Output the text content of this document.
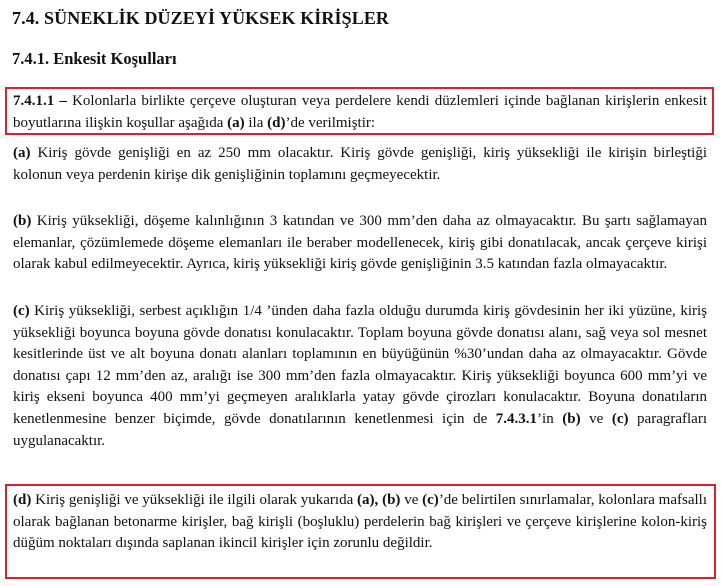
7.4. SÜNEKLİK DÜZEYİ YÜKSEK KİRİŞLER
7.4.1. Enkesit Koşulları

7.4.1.1 – Kolonlarla birlikte çerçeve oluşturan veya perdelere kendi düzlemleri içinde bağlanan kirişlerin enkesit boyutlarına ilişkin koşullar aşağıda (a) ila (d)’de verilmiştir:

(a) Kiriş gövde genişliği en az 250 mm olacaktır. Kiriş gövde genişliği, kiriş yüksekliği ile kirişin birleştiği kolonun veya perdenin kirişe dik genişliğinin toplamını geçmeyecektir.

(b) Kiriş yüksekliği, döşeme kalınlığının 3 katından ve 300 mm’den daha az olmayacaktır. Bu şartı sağlamayan elemanlar, çözümlemede döşeme elemanları ile beraber modellenecek, kiriş gibi donatılacak, ancak çerçeve kirişi olarak kabul edilmeyecektir. Ayrıca, kiriş yüksekliği kiriş gövde genişliğinin 3.5 katından fazla olmayacaktır.

(c) Kiriş yüksekliği, serbest açıklığın 1/4 ’ünden daha fazla olduğu durumda kiriş gövdesinin her iki yüzüne, kiriş yüksekliği boyunca boyuna gövde donatısı konulacaktır. Toplam boyuna gövde donatısı alanı, sağ veya sol mesnet kesitlerinde üst ve alt boyuna donatı alanları toplamının en büyüğünün %30’undan daha az olmayacaktır. Gövde donatısı çapı 12 mm’den az, aralığı ise 300 mm’den fazla olmayacaktır. Kiriş yüksekliği boyunca 600 mm’yi ve kiriş ekseni boyunca 400 mm’yi geçmeyen aralıklarla yatay gövde çirozları konulacaktır. Boyuna donatıların kenetlenmesine benzer biçimde, gövde donatılarının kenetlenmesi için de 7.4.3.1’in (b) ve (c) paragrafları uygulanacaktır.

(d) Kiriş genişliği ve yüksekliği ile ilgili olarak yukarıda (a), (b) ve (c)’de belirtilen sınırlamalar, kolonlara mafsallı olarak bağlanan betonarme kirişler, bağ kirişli (boşluklu) perdelerin bağ kirişleri ve çerçeve kirişlerine kolon-kiriş düğüm noktaları dışında saplanan ikincil kirişler için zorunlu değildir.
